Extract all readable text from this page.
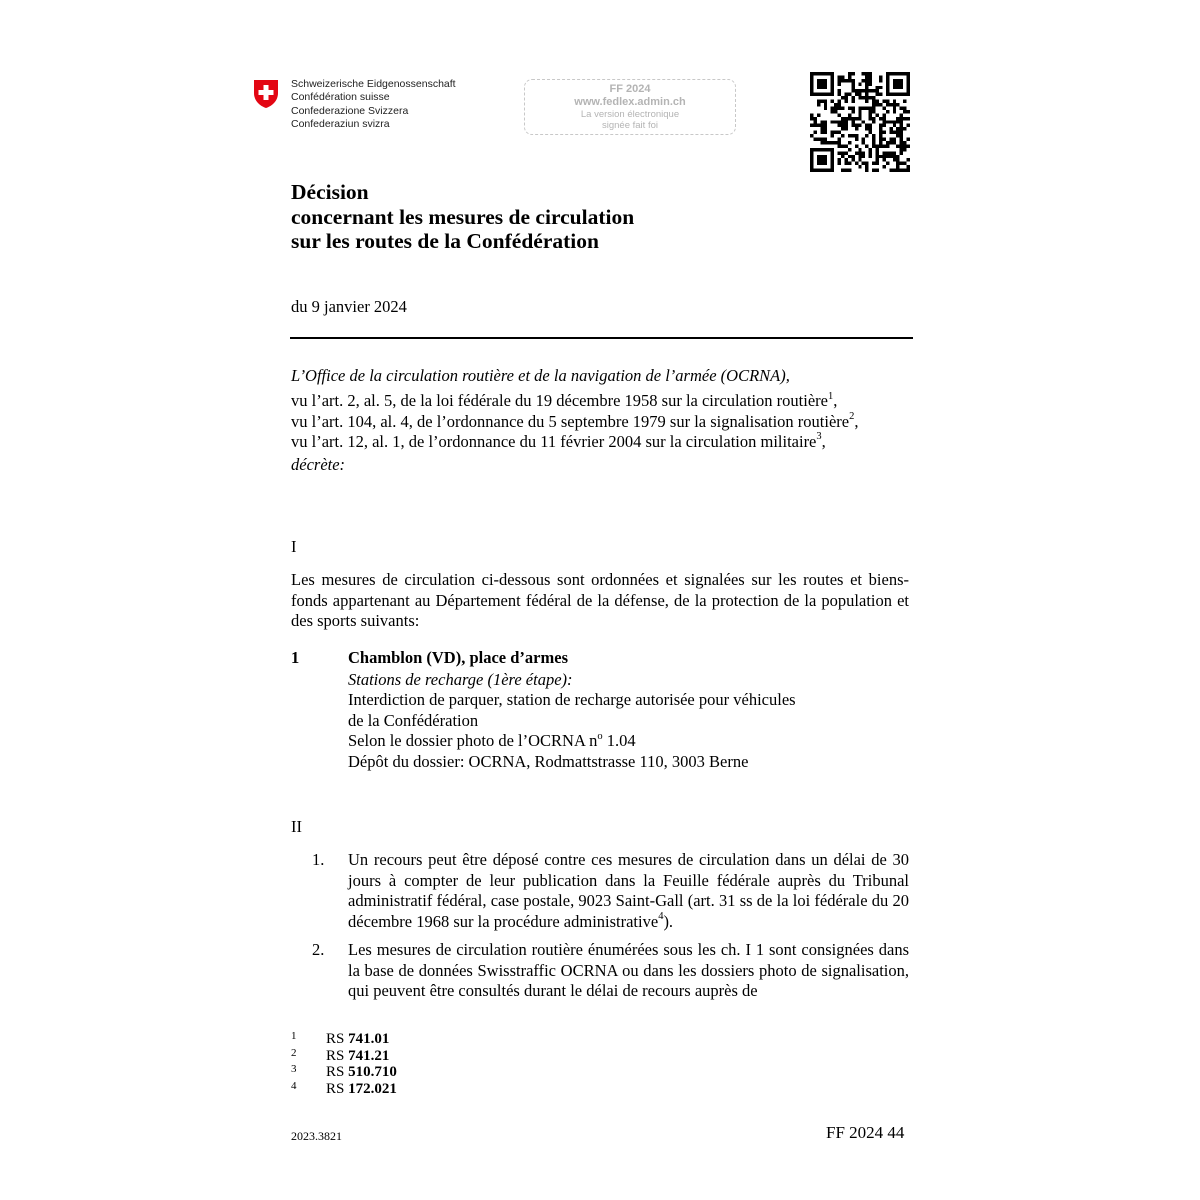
Schweizerische Eidgenossenschaft
Confédération suisse
Confederazione Svizzera
Confederaziun svizra
FF 2024
www.fedlex.admin.ch
La version électronique
signée fait foi
Décision
concernant les mesures de circulation
sur les routes de la Confédération
du 9 janvier 2024
L’Office de la circulation routière et de la navigation de l’armée (OCRNA),
vu l’art. 2, al. 5, de la loi fédérale du 19 décembre 1958 sur la circulation routière$^1$,
vu l’art. 104, al. 4, de l’ordonnance du 5 septembre 1979 sur la signalisation routière$^2$,
vu l’art. 12, al. 1, de l’ordonnance du 11 février 2004 sur la circulation militaire$^3$,
décrète:
I
Les mesures de circulation ci-dessous sont ordonnées et signalées sur les routes et biens-fonds appartenant au Département fédéral de la défense, de la protection de la population et des sports suivants:
1	Chamblon (VD), place d’armes
Stations de recharge (1ère étape):
Interdiction de parquer, station de recharge autorisée pour véhicules
de la Confédération
Selon le dossier photo de l’OCRNA $n^o$ 1.04
Dépôt du dossier: OCRNA, Rodmattstrasse 110, 3003 Berne
II
1. Un recours peut être déposé contre ces mesures de circulation dans un délai de 30 jours à compter de leur publication dans la Feuille fédérale auprès du Tribunal administratif fédéral, case postale, 9023 Saint-Gall (art. 31 ss de la loi fédérale du 20 décembre 1968 sur la procédure administrative$^4$).
2. Les mesures de circulation routière énumérées sous les ch. I 1 sont consignées dans la base de données Swisstraffic OCRNA ou dans les dossiers photo de signalisation, qui peuvent être consultés durant le délai de recours auprès de
1	RS
741.01
2	RS
741.21
3	RS
510.710
4	RS
172.021
2023.3821	FF 2024 44
